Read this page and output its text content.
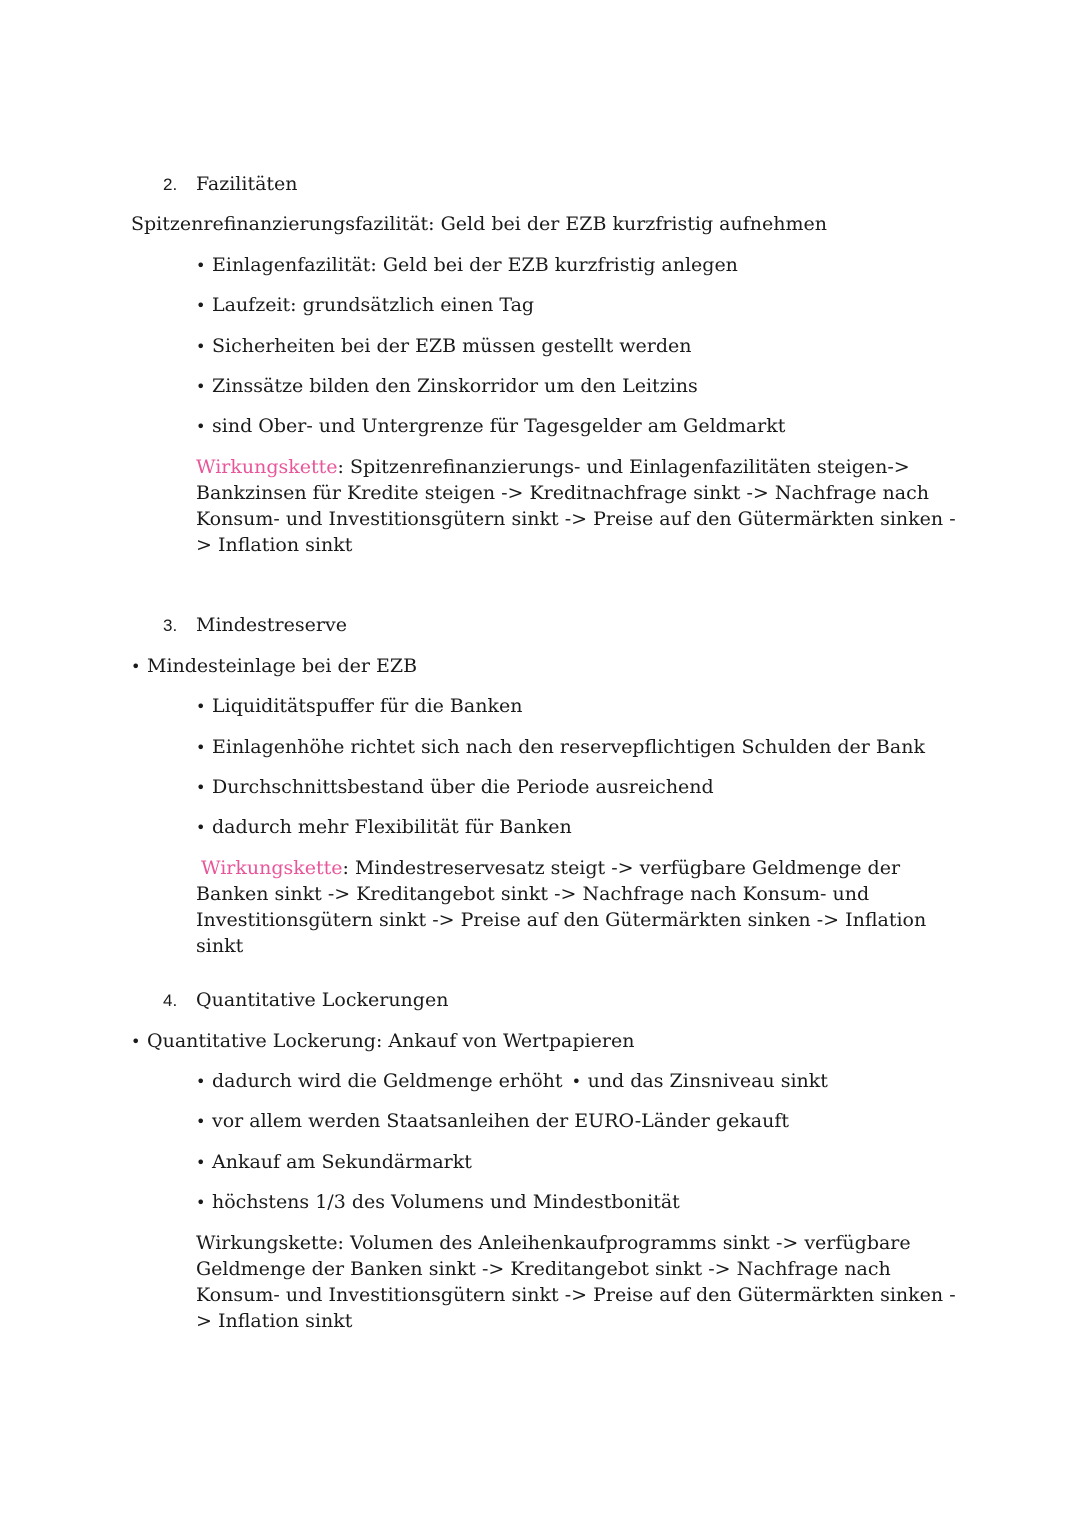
2. Fazilitäten
Spitzenrefinanzierungsfazilität: Geld bei der EZB kurzfristig aufnehmen
• Einlagenfazilität: Geld bei der EZB kurzfristig anlegen
• Laufzeit: grundsätzlich einen Tag
• Sicherheiten bei der EZB müssen gestellt werden
• Zinssätze bilden den Zinskorridor um den Leitzins
• sind Ober- und Untergrenze für Tagesgelder am Geldmarkt
Wirkungskette: Spitzenrefinanzierungs- und Einlagenfazilitäten steigen-> Bankzinsen für Kredite steigen -> Kreditnachfrage sinkt -> Nachfrage nach Konsum- und Investitionsgütern sinkt -> Preise auf den Gütermärkten sinken -> Inflation sinkt
3. Mindestreserve
• Mindesteinlage bei der EZB
• Liquiditätspuffer für die Banken
• Einlagenhöhe richtet sich nach den reservepflichtigen Schulden der Bank
• Durchschnittsbestand über die Periode ausreichend
• dadurch mehr Flexibilität für Banken
Wirkungskette: Mindestreservesatz steigt -> verfügbare Geldmenge der Banken sinkt -> Kreditangebot sinkt -> Nachfrage nach Konsum- und Investitionsgütern sinkt -> Preise auf den Gütermärkten sinken -> Inflation sinkt
4. Quantitative Lockerungen
• Quantitative Lockerung: Ankauf von Wertpapieren
• dadurch wird die Geldmenge erhöht • und das Zinsniveau sinkt
• vor allem werden Staatsanleihen der EURO-Länder gekauft
• Ankauf am Sekundärmarkt
• höchstens 1/3 des Volumens und Mindestbonität
Wirkungskette: Volumen des Anleihenkaufprogramms sinkt -> verfügbare Geldmenge der Banken sinkt -> Kreditangebot sinkt -> Nachfrage nach Konsum- und Investitionsgütern sinkt -> Preise auf den Gütermärkten sinken -> Inflation sinkt
